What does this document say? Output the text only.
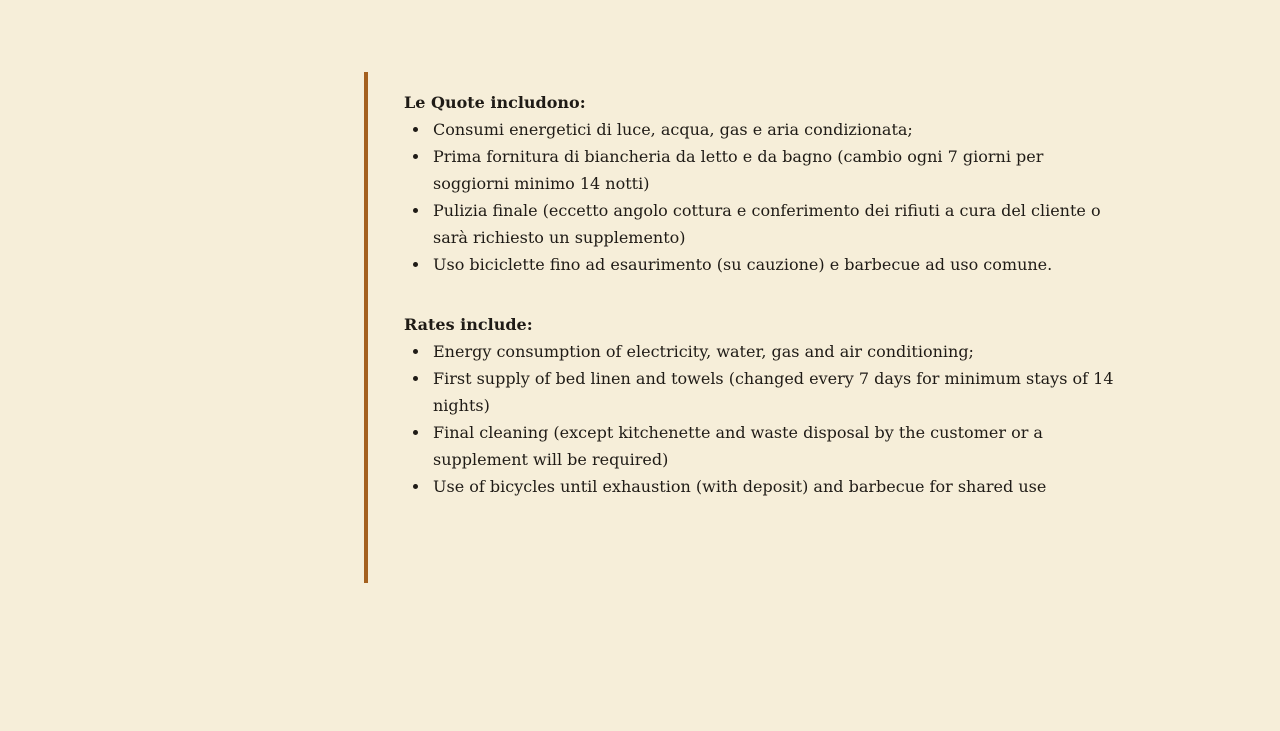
Le Quote includono:

Consumi energetici di luce, acqua, gas e aria condizionata;
Prima fornitura di biancheria da letto e da bagno (cambio ogni 7 giorni per soggiorni minimo 14 notti)
Pulizia finale (eccetto angolo cottura e conferimento dei rifiuti a cura del cliente o sarà richiesto un supplemento)
Uso biciclette fino ad esaurimento (su cauzione) e barbecue ad uso comune.

Rates include:

Energy consumption of electricity, water, gas and air conditioning;
First supply of bed linen and towels (changed every 7 days for minimum stays of 14 nights)
Final cleaning (except kitchenette and waste disposal by the customer or a supplement will be required)
Use of bicycles until exhaustion (with deposit) and barbecue for shared use
